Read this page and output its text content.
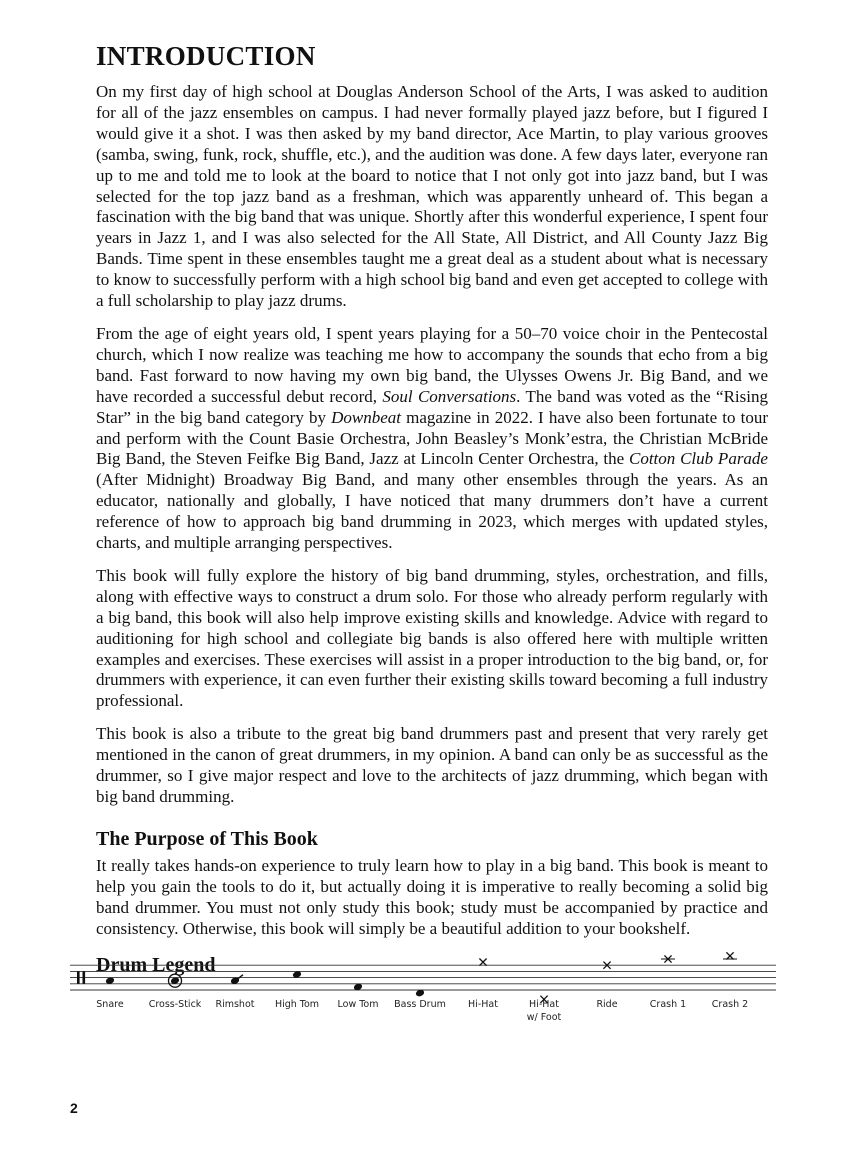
INTRODUCTION

On my first day of high school at Douglas Anderson School of the Arts, I was asked to audition for all of the jazz ensembles on campus. I had never formally played jazz before, but I figured I would give it a shot. I was then asked by my band director, Ace Martin, to play various grooves (samba, swing, funk, rock, shuffle, etc.), and the audition was done. A few days later, everyone ran up to me and told me to look at the board to notice that I not only got into jazz band, but I was selected for the top jazz band as a freshman, which was apparently unheard of. This began a fascination with the big band that was unique. Shortly after this wonderful experience, I spent four years in Jazz 1, and I was also selected for the All State, All District, and All County Jazz Big Bands. Time spent in these ensembles taught me a great deal as a student about what is necessary to know to successfully perform with a high school big band and even get accepted to college with a full scholarship to play jazz drums.

From the age of eight years old, I spent years playing for a 50–70 voice choir in the Pentecostal church, which I now realize was teaching me how to accompany the sounds that echo from a big band. Fast forward to now having my own big band, the Ulysses Owens Jr. Big Band, and we have recorded a successful debut record, Soul Conversations. The band was voted as the “Rising Star” in the big band category by Downbeat magazine in 2022. I have also been fortunate to tour and perform with the Count Basie Orchestra, John Beasley’s Monk’estra, the Christian McBride Big Band, the Steven Feifke Big Band, Jazz at Lincoln Center Orchestra, the Cotton Club Parade (After Midnight) Broadway Big Band, and many other ensembles through the years. As an educator, nationally and globally, I have noticed that many drummers don’t have a current reference of how to approach big band drumming in 2023, which merges with updated styles, charts, and multiple arranging perspectives.

This book will fully explore the history of big band drumming, styles, orchestration, and fills, along with effective ways to construct a drum solo. For those who already perform regularly with a big band, this book will also help improve existing skills and knowledge. Advice with regard to auditioning for high school and collegiate big bands is also offered here with multiple written examples and exercises. These exercises will assist in a proper introduction to the big band, or, for drummers with experience, it can even further their existing skills toward becoming a full industry professional.

This book is also a tribute to the great big band drummers past and present that very rarely get mentioned in the canon of great drummers, in my opinion. A band can only be as successful as the drummer, so I give major respect and love to the architects of jazz drumming, which began with big band drumming.

The Purpose of This Book

It really takes hands-on experience to truly learn how to play in a big band. This book is meant to help you gain the tools to do it, but actually doing it is imperative to really becoming a solid big band drummer. You must not only study this book; study must be accompanied by practice and consistency. Otherwise, this book will simply be a beautiful addition to your bookshelf.

Drum Legend
Snare	Cross-Stick	Rimshot	High Tom	Low Tom	Bass Drum	Hi-Hat	Hi-Hat
w/ Foot
Ride	Crash 1	Crash 2
2
